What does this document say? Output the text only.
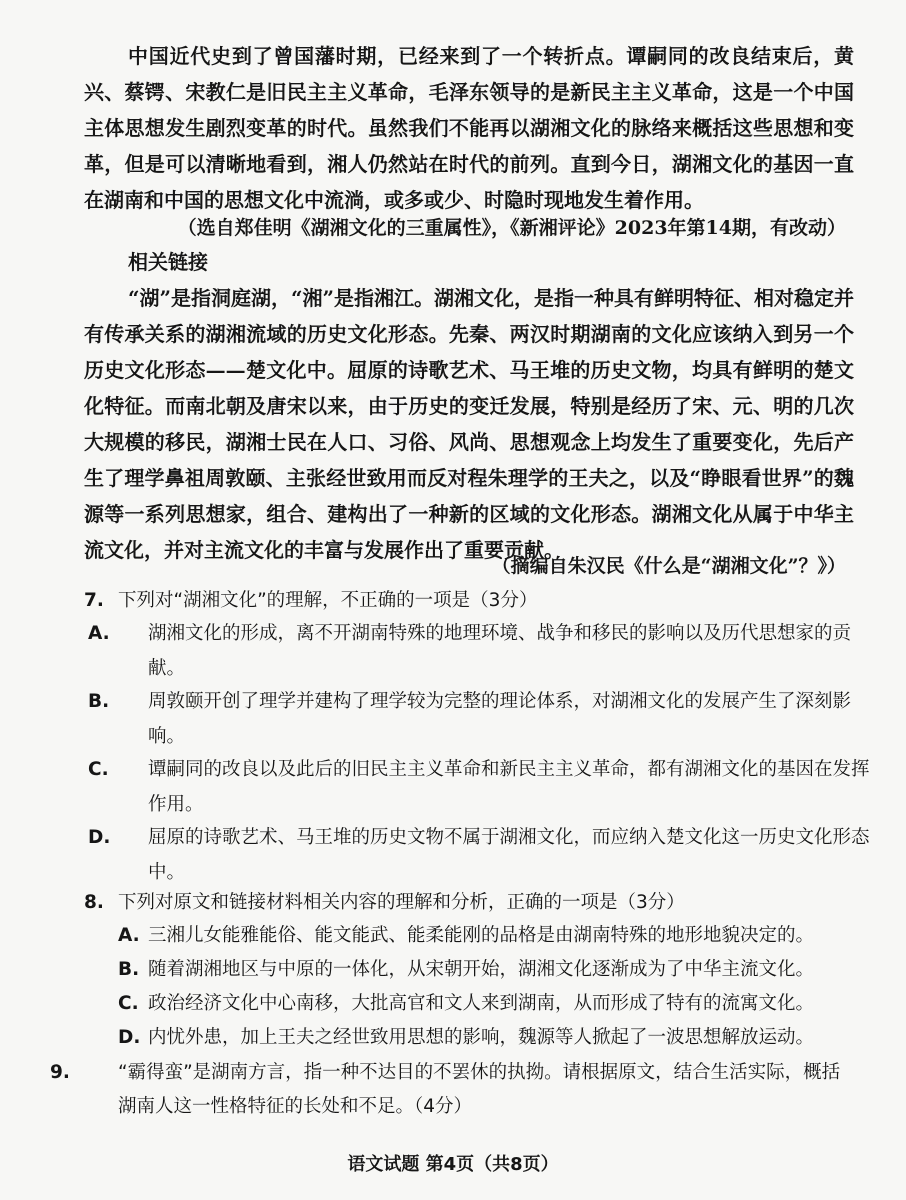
中国近代史到了曾国藩时期，已经来到了一个转折点。谭嗣同的改良结束后，黄兴、蔡锷、宋教仁是旧民主主义革命，毛泽东领导的是新民主主义革命，这是一个中国主体思想发生剧烈变革的时代。虽然我们不能再以湖湘文化的脉络来概括这些思想和变革，但是可以清晰地看到，湘人仍然站在时代的前列。直到今日，湖湘文化的基因一直在湖南和中国的思想文化中流淌，或多或少、时隐时现地发生着作用。
（选自郑佳明《湖湘文化的三重属性》，《新湘评论》2023年第14期，有改动）
相关链接
“湖”是指洞庭湖，“湘”是指湘江。湖湘文化，是指一种具有鲜明特征、相对稳定并有传承关系的湖湘流域的历史文化形态。先秦、两汉时期湖南的文化应该纳入到另一个历史文化形态——楚文化中。屈原的诗歌艺术、马王堆的历史文物，均具有鲜明的楚文化特征。而南北朝及唐宋以来，由于历史的变迁发展，特别是经历了宋、元、明的几次大规模的移民，湖湘士民在人口、习俗、风尚、思想观念上均发生了重要变化，先后产生了理学鼻祖周敦颐、主张经世致用而反对程朱理学的王夫之，以及“睁眼看世界”的魏源等一系列思想家，组合、建构出了一种新的区域的文化形态。湖湘文化从属于中华主流文化，并对主流文化的丰富与发展作出了重要贡献。
（摘编自朱汉民《什么是“湖湘文化”？》）
7. 下列对“湖湘文化”的理解，不正确的一项是（3分）
A. 湖湘文化的形成，离不开湖南特殊的地理环境、战争和移民的影响以及历代思想家的贡献。
B. 周敦颐开创了理学并建构了理学较为完整的理论体系，对湖湘文化的发展产生了深刻影响。
C. 谭嗣同的改良以及此后的旧民主主义革命和新民主主义革命，都有湖湘文化的基因在发挥作用。
D. 屈原的诗歌艺术、马王堆的历史文物不属于湖湘文化，而应纳入楚文化这一历史文化形态中。
8. 下列对原文和链接材料相关内容的理解和分析，正确的一项是（3分）
A. 三湘儿女能雅能俗、能文能武、能柔能刚的品格是由湖南特殊的地形地貌决定的。
B. 随着湖湘地区与中原的一体化，从宋朝开始，湖湘文化逐渐成为了中华主流文化。
C. 政治经济文化中心南移，大批高官和文人来到湖南，从而形成了特有的流寓文化。
D. 内忧外患，加上王夫之经世致用思想的影响，魏源等人掀起了一波思想解放运动。
9.	“霸得蛮”是湖南方言，指一种不达目的不罢休的执拗。请根据原文，结合生活实际，概括湖南人这一性格特征的长处和不足。（4分）
语文试题 第4页（共8页）
